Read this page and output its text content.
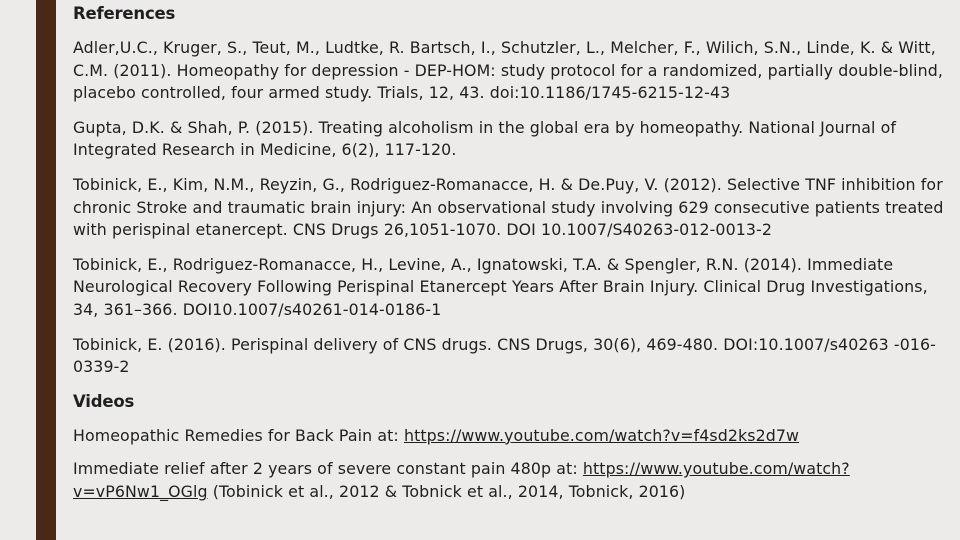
References

Adler,U.C., Kruger, S., Teut, M., Ludtke, R. Bartsch, I., Schutzler, L., Melcher, F., Wilich, S.N., Linde, K. & Witt, C.M. (2011). Homeopathy for depression - DEP-HOM: study protocol for a randomized, partially double-blind, placebo controlled, four armed study. Trials, 12, 43. doi:10.1186/1745-6215-12-43

Gupta, D.K. & Shah, P. (2015). Treating alcoholism in the global era by homeopathy. National Journal of Integrated Research in Medicine, 6(2), 117-120.

Tobinick, E., Kim, N.M., Reyzin, G., Rodriguez-Romanacce, H. & De.Puy, V. (2012). Selective TNF inhibition for chronic Stroke and traumatic brain injury: An observational study involving 629 consecutive patients treated with perispinal etanercept. CNS Drugs 26,1051-1070. DOI 10.1007/S40263-012-0013-2

Tobinick, E., Rodriguez-Romanacce, H., Levine, A., Ignatowski, T.A. & Spengler, R.N. (2014). Immediate Neurological Recovery Following Perispinal Etanercept Years After Brain Injury. Clinical Drug Investigations, 34, 361–366. DOI10.1007/s40261-014-0186-1

Tobinick, E. (2016). Perispinal delivery of CNS drugs. CNS Drugs, 30(6), 469-480. DOI:10.1007/s40263 -016-0339-2

Videos

Homeopathic Remedies for Back Pain at: https://www.youtube.com/watch?v=f4sd2ks2d7w

Immediate relief after 2 years of severe constant pain 480p at: https://www.youtube.com/watch?v=vP6Nw1_OGlg (Tobinick et al., 2012 & Tobnick et al., 2014, Tobnick, 2016)
